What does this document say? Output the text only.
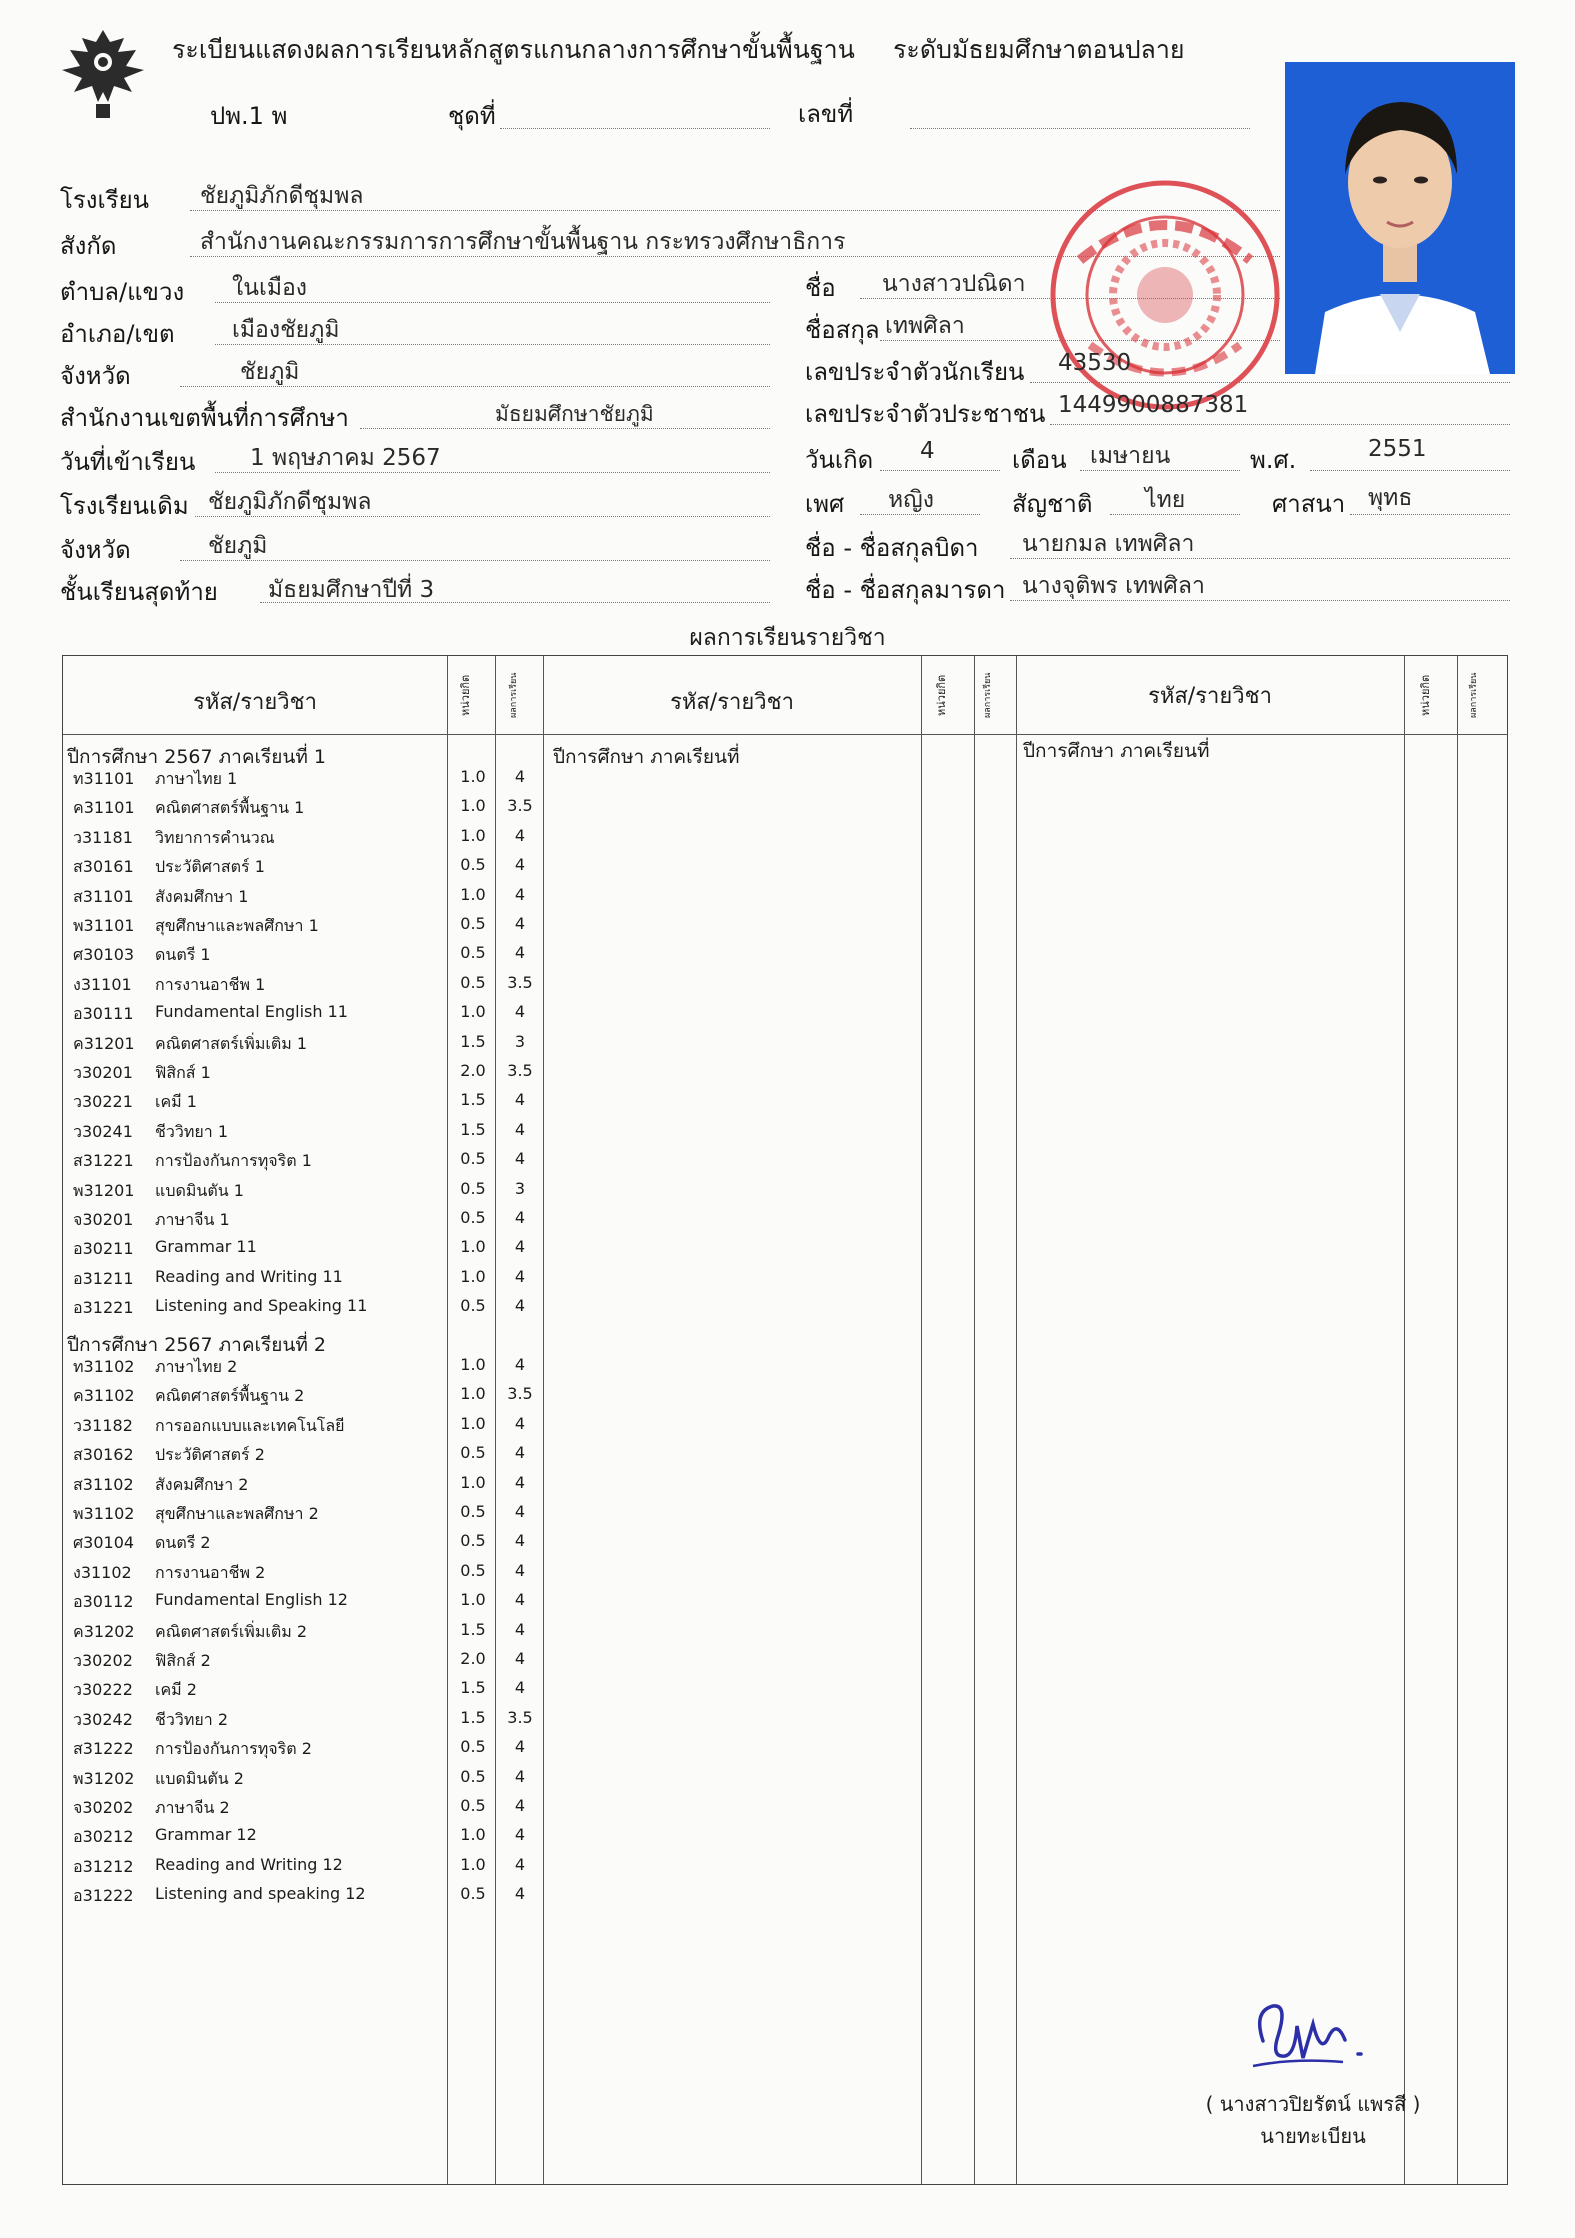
ระเบียนแสดงผลการเรียนหลักสูตรแกนกลางการศึกษาขั้นพื้นฐาน ระดับมัธยมศึกษาตอนปลาย
ปพ.1 พ	ชุดที่	เลขที่
โรงเรียน ชัยภูมิภักดีชุมพล
สังกัด	สำนักงานคณะกรรมการการศึกษาขั้นพื้นฐาน กระทรวงศึกษาธิการ
ตำบล/แขวง ในเมือง
อำเภอ/เขต เมืองชัยภูมิ
จังหวัด	ชัยภูมิ
สำนักงานเขตพื้นที่การศึกษา	มัธยมศึกษาชัยภูมิ
วันที่เข้าเรียน 1 พฤษภาคม 2567
โรงเรียนเดิม ชัยภูมิภักดีชุมพล
จังหวัด	ชัยภูมิ
ชั้นเรียนสุดท้าย มัธยมศึกษาปีที่ 3
ชื่อ นางสาวปณิดา
ชื่อสกุล เทพศิลา
เลขประจำตัวนักเรียน 43530
เลขประจำตัวประชาชน 1449900887381
วันเกิด 4	เดือน เมษายน	พ.ศ.	2551
เพศ หญิง	สัญชาติ ไทย	ศาสนา พุทธ
ชื่อ - ชื่อสกุลบิดา นายกมล เทพศิลา
ชื่อ - ชื่อสกุลมารดา นางจุติพร เทพศิลา
ผลการเรียนรายวิชา
รหัส/รายวิชา	หน่วยกิต	ผลการเรียน	รหัส/รายวิชา	หน่วยกิต	ผลการเรียน	รหัส/รายวิชา	หน่วยกิต	ผลการเรียน
ปีการศึกษา 2567 ภาคเรียนที่ 1	ปีการศึกษา ภาคเรียนที่	ปีการศึกษา ภาคเรียนที่
ท31101	ภาษาไทย 1	1.0	4
ค31101	คณิตศาสตร์พื้นฐาน 1	1.0	3.5
ว31181	วิทยาการคำนวณ	1.0	4
ส30161	ประวัติศาสตร์ 1	0.5	4
ส31101	สังคมศึกษา 1	1.0	4
พ31101	สุขศึกษาและพลศึกษา 1	0.5	4
ศ30103	ดนตรี 1	0.5	4
ง31101	การงานอาชีพ 1	0.5	3.5
อ30111	Fundamental English 11	1.0	4
ค31201	คณิตศาสตร์เพิ่มเติม 1	1.5	3
ว30201	ฟิสิกส์ 1	2.0	3.5
ว30221	เคมี 1	1.5	4
ว30241	ชีววิทยา 1	1.5	4
ส31221	การป้องกันการทุจริต 1	0.5	4
พ31201	แบดมินตัน 1	0.5	3
จ30201	ภาษาจีน 1	0.5	4
อ30211	Grammar 11	1.0	4
อ31211	Reading and Writing 11	1.0	4
อ31221	Listening and Speaking 11	0.5	4
ปีการศึกษา 2567 ภาคเรียนที่ 2
ท31102	ภาษาไทย 2	1.0	4
ค31102	คณิตศาสตร์พื้นฐาน 2	1.0	3.5
ว31182	การออกแบบและเทคโนโลยี	1.0	4
ส30162	ประวัติศาสตร์ 2	0.5	4
ส31102	สังคมศึกษา 2	1.0	4
พ31102	สุขศึกษาและพลศึกษา 2	0.5	4
ศ30104	ดนตรี 2	0.5	4
ง31102	การงานอาชีพ 2	0.5	4
อ30112	Fundamental English 12	1.0	4
ค31202	คณิตศาสตร์เพิ่มเติม 2	1.5	4
ว30202	ฟิสิกส์ 2	2.0	4
ว30222	เคมี 2	1.5	4
ว30242	ชีววิทยา 2	1.5	3.5
ส31222	การป้องกันการทุจริต 2	0.5	4
พ31202	แบดมินตัน 2	0.5	4
จ30202	ภาษาจีน 2	0.5	4
อ30212	Grammar 12	1.0	4
อ31212	Reading and Writing 12	1.0	4
อ31222	Listening and speaking 12	0.5	4
( นางสาวปิยรัตน์ แพรสี )
นายทะเบียน
